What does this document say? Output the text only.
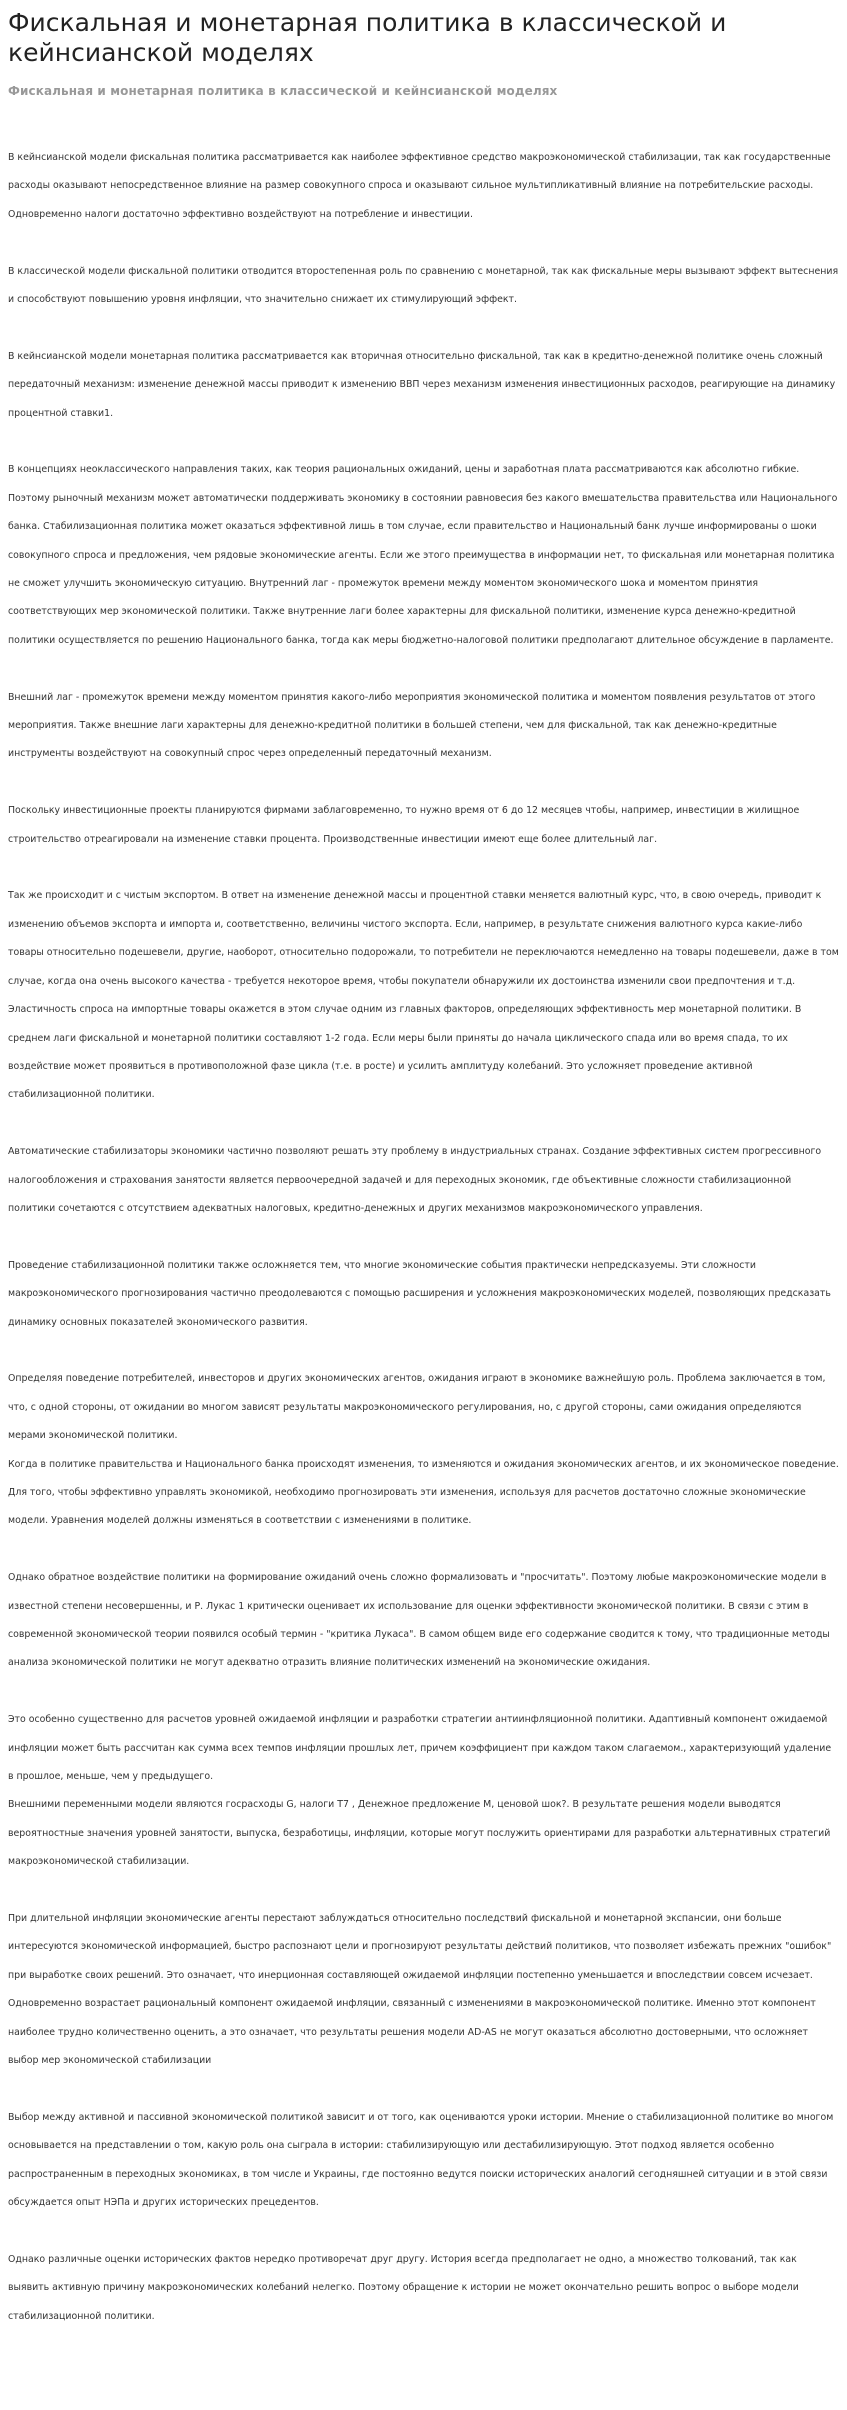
Фискальная и монетарная политика в классической и кейнсианской моделях
Фискальная и монетарная политика в классической и кейнсианской моделях
В кейнсианской модели фискальная политика рассматривается как наиболее эффективное средство макроэкономической стабилизации, так как государственные расходы оказывают непосредственное влияние на размер совокупного спроса и оказывают сильное мультипликативный влияние на потребительские расходы. Одновременно налоги достаточно эффективно воздействуют на потребление и инвестиции.
В классической модели фискальной политики отводится второстепенная роль по сравнению с монетарной, так как фискальные меры вызывают эффект вытеснения и способствуют повышению уровня инфляции, что значительно снижает их стимулирующий эффект.
В кейнсианской модели монетарная политика рассматривается как вторичная относительно фискальной, так как в кредитно-денежной политике очень сложный передаточный механизм: изменение денежной массы приводит к изменению ВВП через механизм изменения инвестиционных расходов, реагирующие на динамику процентной ставки1.
В концепциях неоклассического направления таких, как теория рациональных ожиданий, цены и заработная плата рассматриваются как абсолютно гибкие. Поэтому рыночный механизм может автоматически поддерживать экономику в состоянии равновесия без какого вмешательства правительства или Национального банка. Стабилизационная политика может оказаться эффективной лишь в том случае, если правительство и Национальный банк лучше информированы о шоки совокупного спроса и предложения, чем рядовые экономические агенты. Если же этого преимущества в информации нет, то фискальная или монетарная политика не сможет улучшить экономическую ситуацию. Внутренний лаг - промежуток времени между моментом экономического шока и моментом принятия соответствующих мер экономической политики. Также внутренние лаги более характерны для фискальной политики, изменение курса денежно-кредитной политики осуществляется по решению Национального банка, тогда как меры бюджетно-налоговой политики предполагают длительное обсуждение в парламенте.
Внешний лаг - промежуток времени между моментом принятия какого-либо мероприятия экономической политика и моментом появления результатов от этого мероприятия. Также внешние лаги характерны для денежно-кредитной политики в большей степени, чем для фискальной, так как денежно-кредитные инструменты воздействуют на совокупный спрос через определенный передаточный механизм.
Поскольку инвестиционные проекты планируются фирмами заблаговременно, то нужно время от 6 до 12 месяцев чтобы, например, инвестиции в жилищное строительство отреагировали на изменение ставки процента. Производственные инвестиции имеют еще более длительный лаг.
Так же происходит и с чистым экспортом. В ответ на изменение денежной массы и процентной ставки меняется валютный курс, что, в свою очередь, приводит к изменению объемов экспорта и импорта и, соответственно, величины чистого экспорта. Если, например, в результате снижения валютного курса какие-либо товары относительно подешевели, другие, наоборот, относительно подорожали, то потребители не переключаются немедленно на товары подешевели, даже в том случае, когда она очень высокого качества - требуется некоторое время, чтобы покупатели обнаружили их достоинства изменили свои предпочтения и т.д. Эластичность спроса на импортные товары окажется в этом случае одним из главных факторов, определяющих эффективность мер монетарной политики. В среднем лаги фискальной и монетарной политики составляют 1-2 года. Если меры были приняты до начала циклического спада или во время спада, то их воздействие может проявиться в противоположной фазе цикла (т.е. в росте) и усилить амплитуду колебаний. Это усложняет проведение активной стабилизационной политики.
Автоматические стабилизаторы экономики частично позволяют решать эту проблему в индустриальных странах. Создание эффективных систем прогрессивного налогообложения и страхования занятости является первоочередной задачей и для переходных экономик, где объективные сложности стабилизационной политики сочетаются с отсутствием адекватных налоговых, кредитно-денежных и других механизмов макроэкономического управления.
Проведение стабилизационной политики также осложняется тем, что многие экономические события практически непредсказуемы. Эти сложности макроэкономического прогнозирования частично преодолеваются с помощью расширения и усложнения макроэкономических моделей, позволяющих предсказать динамику основных показателей экономического развития.
Определяя поведение потребителей, инвесторов и других экономических агентов, ожидания играют в экономике важнейшую роль. Проблема заключается в том, что, с одной стороны, от ожидании во многом зависят результаты макроэкономического регулирования, но, с другой стороны, сами ожидания определяются мерами экономической политики.
Когда в политике правительства и Национального банка происходят изменения, то изменяются и ожидания экономических агентов, и их экономическое поведение. Для того, чтобы эффективно управлять экономикой, необходимо прогнозировать эти изменения, используя для расчетов достаточно сложные экономические модели. Уравнения моделей должны изменяться в соответствии с изменениями в политике.
Однако обратное воздействие политики на формирование ожиданий очень сложно формализовать и "просчитать". Поэтому любые макроэкономические модели в известной степени несовершенны, и Р. Лукас 1 критически оценивает их использование для оценки эффективности экономической политики. В связи с этим в современной экономической теории появился особый термин - "критика Лукаса". В самом общем виде его содержание сводится к тому, что традиционные методы анализа экономической политики не могут адекватно отразить влияние политических изменений на экономические ожидания.
Это особенно существенно для расчетов уровней ожидаемой инфляции и разработки стратегии антиинфляционной политики. Адаптивный компонент ожидаемой инфляции может быть рассчитан как сумма всех темпов инфляции прошлых лет, причем коэффициент при каждом таком слагаемом., характеризующий удаление в прошлое, меньше, чем у предыдущего.
Внешними переменными модели являются госрасходы G, налоги T7 , Денежное предложение M, ценовой шок?. В результате решения модели выводятся вероятностные значения уровней занятости, выпуска, безработицы, инфляции, которые могут послужить ориентирами для разработки альтернативных стратегий макроэкономической стабилизации.
При длительной инфляции экономические агенты перестают заблуждаться относительно последствий фискальной и монетарной экспансии, они больше интересуются экономической информацией, быстро распознают цели и прогнозируют результаты действий политиков, что позволяет избежать прежних "ошибок" при выработке своих решений. Это означает, что инерционная составляющей ожидаемой инфляции постепенно уменьшается и впоследствии совсем исчезает. Одновременно возрастает рациональный компонент ожидаемой инфляции, связанный с изменениями в макроэкономической политике. Именно этот компонент наиболее трудно количественно оценить, а это означает, что результаты решения модели AD-AS не могут оказаться абсолютно достоверными, что осложняет выбор мер экономической стабилизации
Выбор между активной и пассивной экономической политикой зависит и от того, как оцениваются уроки истории. Мнение о стабилизационной политике во многом основывается на представлении о том, какую роль она сыграла в истории: стабилизирующую или дестабилизирующую. Этот подход является особенно распространенным в переходных экономиках, в том числе и Украины, где постоянно ведутся поиски исторических аналогий сегодняшней ситуации и в этой связи обсуждается опыт НЭПа и других исторических прецедентов.
Однако различные оценки исторических фактов нередко противоречат друг другу. История всегда предполагает не одно, а множество толкований, так как выявить активную причину макроэкономических колебаний нелегко. Поэтому обращение к истории не может окончательно решить вопрос о выборе модели стабилизационной политики.
